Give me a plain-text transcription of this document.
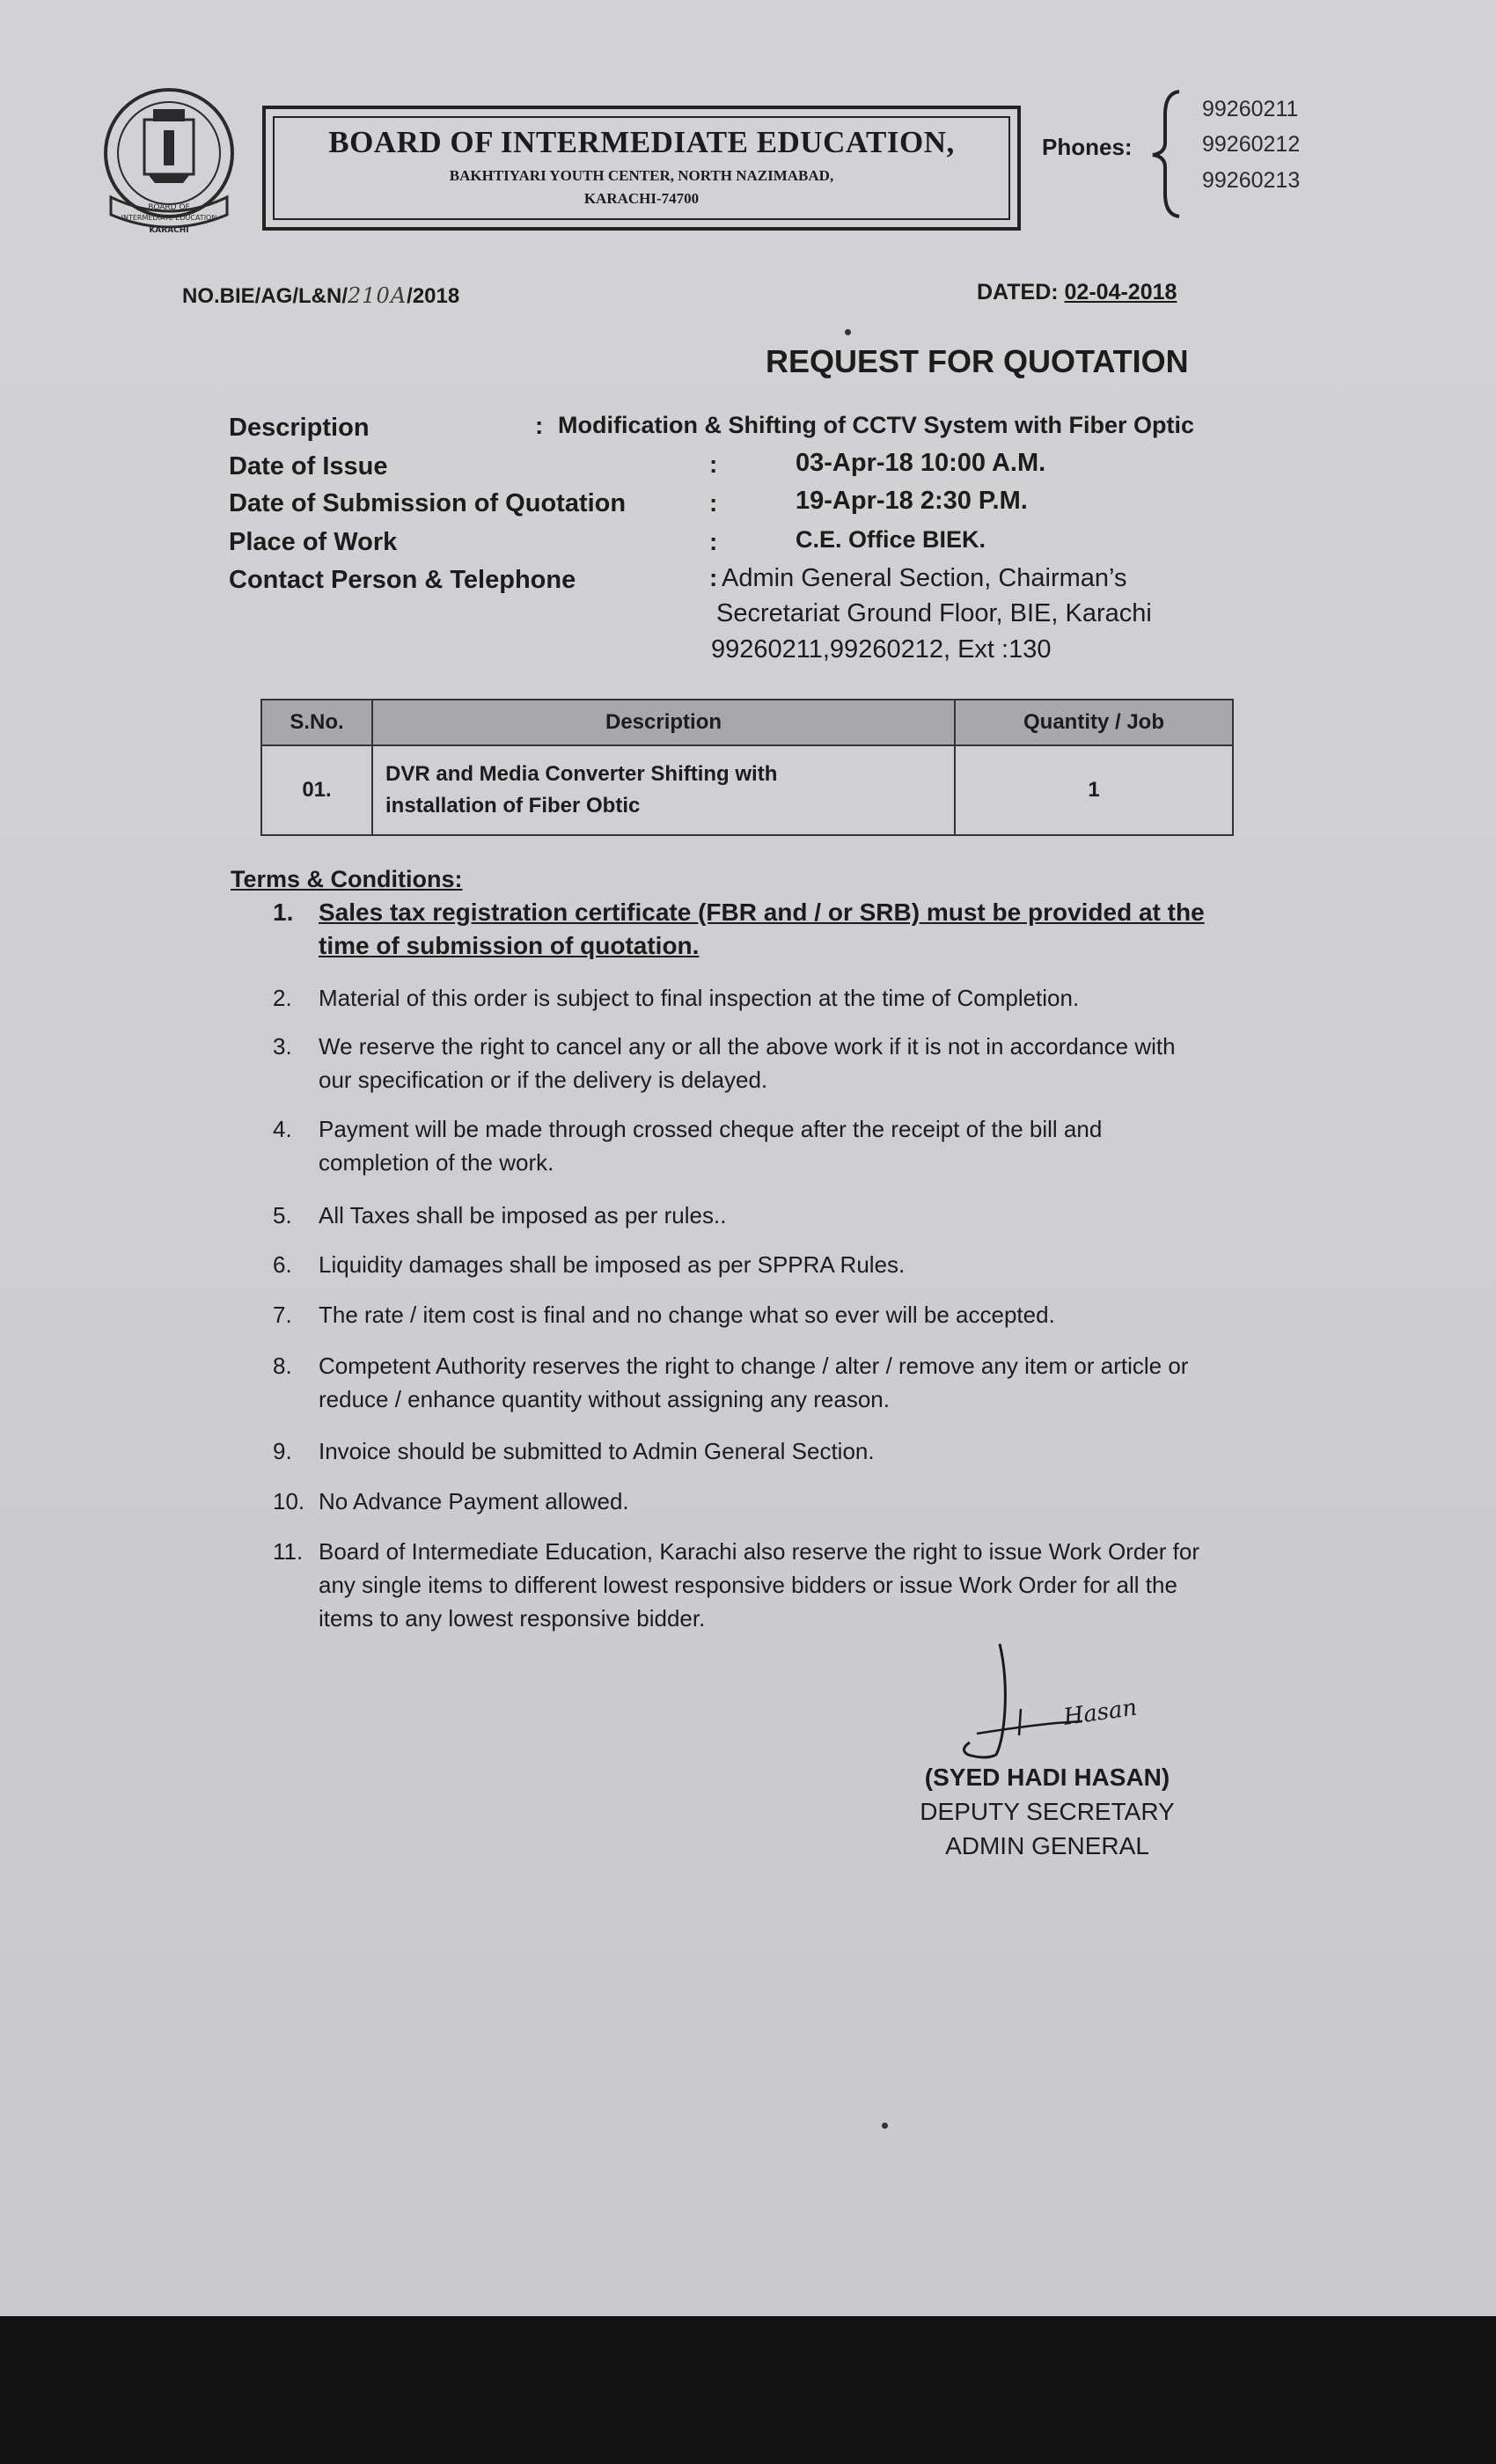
BOARD OF
INTERMEDIATE EDUCATION
KARACHI
BOARD OF INTERMEDIATE EDUCATION,
BAKHTIYARI YOUTH CENTER, NORTH NAZIMABAD,
KARACHI-74700
Phones:
99260211
99260212
99260213
NO.BIE/AG/L&N/210A/2018	DATED: 02-04-2018
REQUEST FOR QUOTATION
Description	: Modification & Shifting of CCTV System with Fiber Optic
Date of Issue	:	03-Apr-18 10:00 A.M.
Date of Submission of Quotation	:	19-Apr-18 2:30 P.M.
Place of Work	:	C.E. Office BIEK.
Contact Person & Telephone	: Admin General Section, Chairman’s
Secretariat Ground Floor, BIE, Karachi
99260211,99260212, Ext :130
S.No.	Description	Quantity / Job
01.	DVR and Media Converter Shifting with
installation of Fiber Obtic	1
Terms & Conditions:
1.	Sales tax registration certificate (FBR and / or SRB) must be provided at the
time of submission of quotation.
2.	Material of this order is subject to final inspection at the time of Completion.
3.	We reserve the right to cancel any or all the above work if it is not in accordance with
our specification or if the delivery is delayed.
4.	Payment will be made through crossed cheque after the receipt of the bill and
completion of the work.
5.	All Taxes shall be imposed as per rules..
6.	Liquidity damages shall be imposed as per SPPRA Rules.
7.	The rate / item cost is final and no change what so ever will be accepted.
8.	Competent Authority reserves the right to change / alter / remove any item or article or
reduce / enhance quantity without assigning any reason.
9.	Invoice should be submitted to Admin General Section.
10. No Advance Payment allowed.
11. Board of Intermediate Education, Karachi also reserve the right to issue Work Order for
any single items to different lowest responsive bidders or issue Work Order for all the
items to any lowest responsive bidder.
Hasan
(SYED HADI HASAN)
DEPUTY SECRETARY
ADMIN GENERAL
